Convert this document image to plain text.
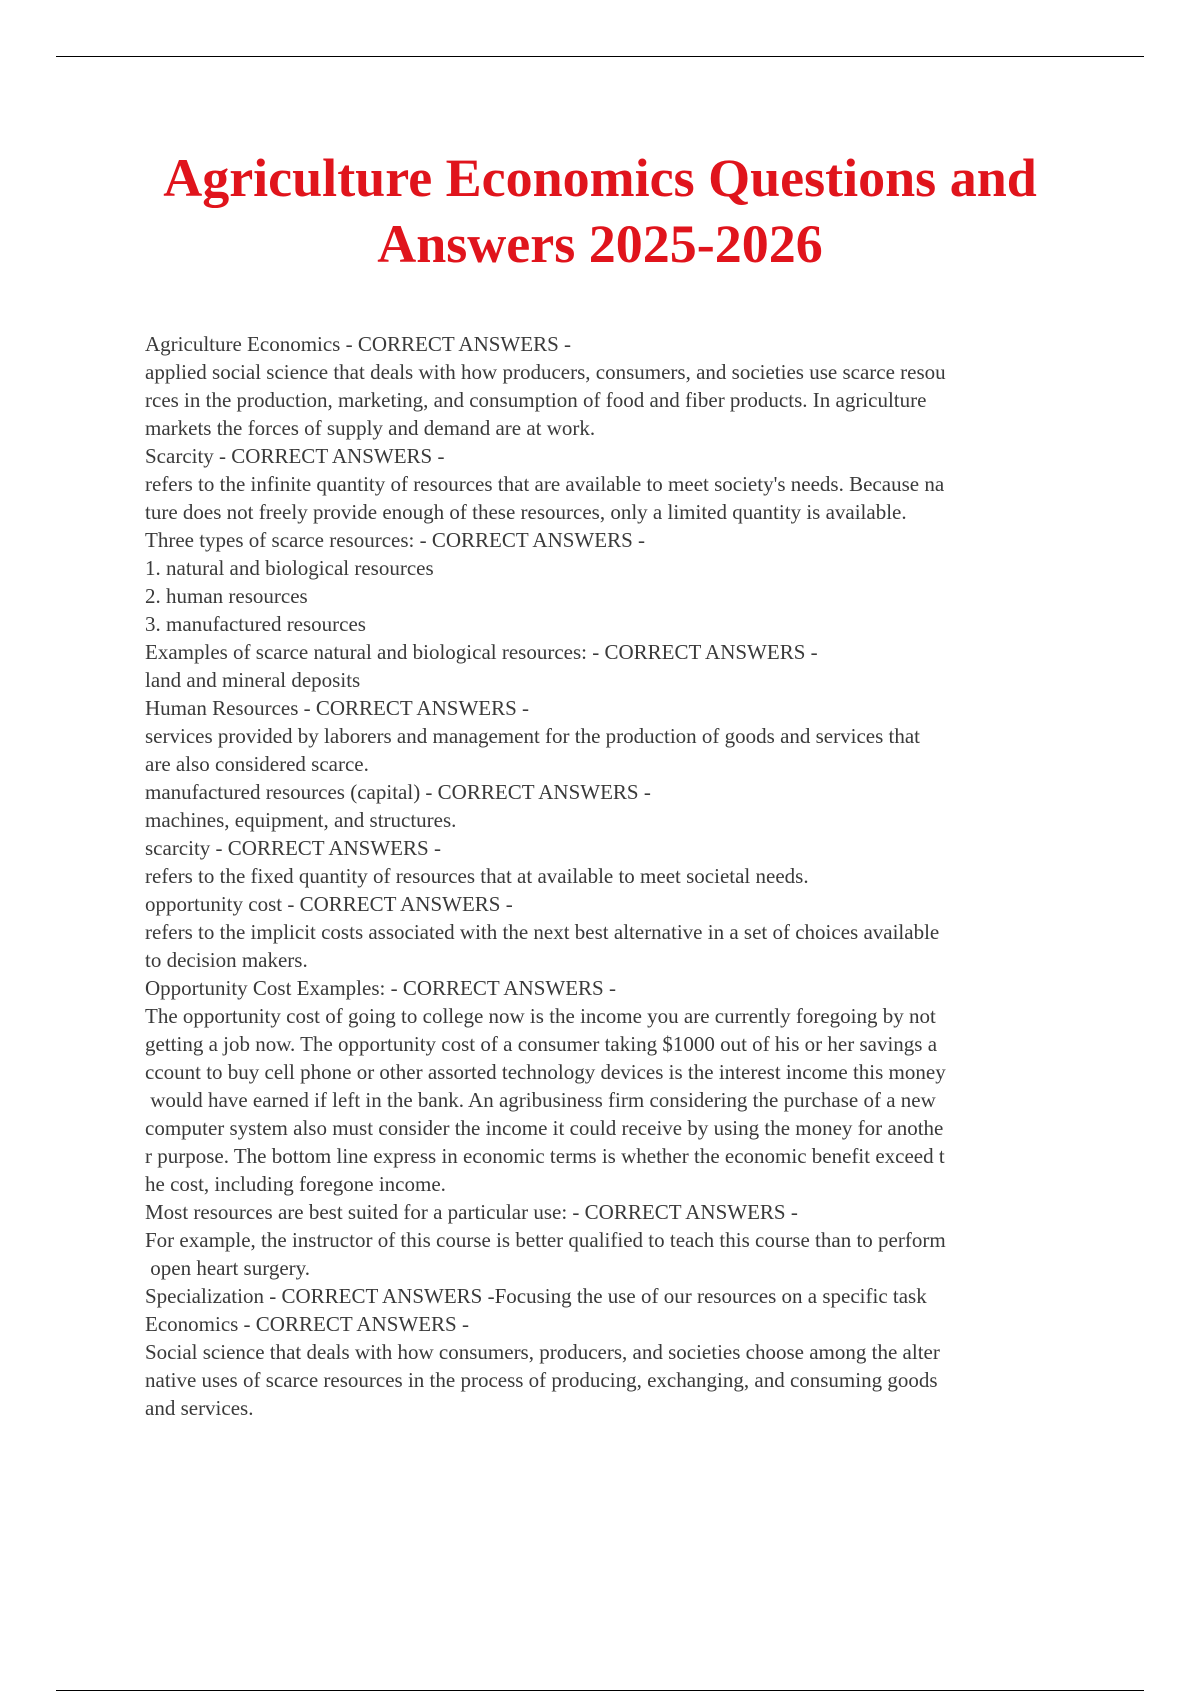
Agriculture Economics Questions and
Answers 2025-2026
Agriculture Economics - CORRECT ANSWERS -
applied social science that deals with how producers, consumers, and societies use scarce resou
rces in the production, marketing, and consumption of food and fiber products. In agriculture
markets the forces of supply and demand are at work.
Scarcity - CORRECT ANSWERS -
refers to the infinite quantity of resources that are available to meet society's needs. Because na
ture does not freely provide enough of these resources, only a limited quantity is available.
Three types of scarce resources: - CORRECT ANSWERS -
1. natural and biological resources
2. human resources
3. manufactured resources
Examples of scarce natural and biological resources: - CORRECT ANSWERS -
land and mineral deposits
Human Resources - CORRECT ANSWERS -
services provided by laborers and management for the production of goods and services that
are also considered scarce.
manufactured resources (capital) - CORRECT ANSWERS -
machines, equipment, and structures.
scarcity - CORRECT ANSWERS -
refers to the fixed quantity of resources that at available to meet societal needs.
opportunity cost - CORRECT ANSWERS -
refers to the implicit costs associated with the next best alternative in a set of choices available
to decision makers.
Opportunity Cost Examples: - CORRECT ANSWERS -
The opportunity cost of going to college now is the income you are currently foregoing by not
getting a job now. The opportunity cost of a consumer taking $1000 out of his or her savings a
ccount to buy cell phone or other assorted technology devices is the interest income this money
would have earned if left in the bank. An agribusiness firm considering the purchase of a new
computer system also must consider the income it could receive by using the money for anothe
r purpose. The bottom line express in economic terms is whether the economic benefit exceed t
he cost, including foregone income.
Most resources are best suited for a particular use: - CORRECT ANSWERS -
For example, the instructor of this course is better qualified to teach this course than to perform
open heart surgery.
Specialization - CORRECT ANSWERS -Focusing the use of our resources on a specific task
Economics - CORRECT ANSWERS -
Social science that deals with how consumers, producers, and societies choose among the alter
native uses of scarce resources in the process of producing, exchanging, and consuming goods
and services.
